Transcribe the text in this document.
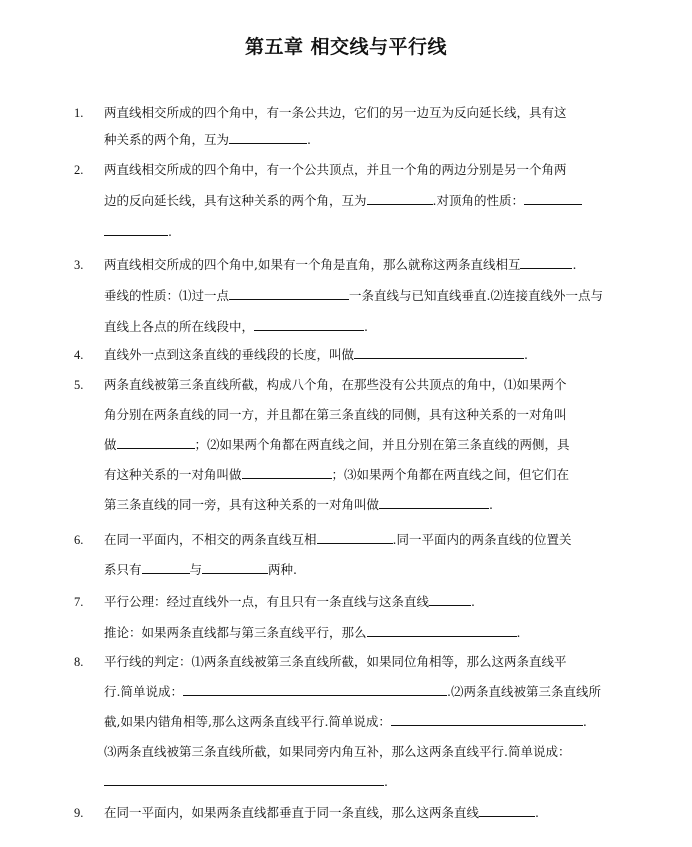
第五章 相交线与平行线
1.	两直线相交所成的四个角中，有一条公共边，它们的另一边互为反向延长线，具有这
种关系的两个角，互为	.
2.	两直线相交所成的四个角中，有一个公共顶点，并且一个角的两边分别是另一个角两
边的反向延长线，具有这种关系的两个角，互为	.对顶角的性质：
.
3.	两直线相交所成的四个角中,如果有一个角是直角，那么就称这两条直线相互	.
垂线的性质：⑴过一点	一条直线与已知直线垂直.⑵连接直线外一点与
直线上各点的所在线段中，	.
4.	直线外一点到这条直线的垂线段的长度，叫做	.
5.	两条直线被第三条直线所截，构成八个角，在那些没有公共顶点的角中，⑴如果两个
角分别在两条直线的同一方，并且都在第三条直线的同侧，具有这种关系的一对角叫
做	；⑵如果两个角都在两直线之间，并且分别在第三条直线的两侧，具
有这种关系的一对角叫做	；⑶如果两个角都在两直线之间，但它们在
第三条直线的同一旁，具有这种关系的一对角叫做	.
6.	在同一平面内，不相交的两条直线互相	.同一平面内的两条直线的位置关
系只有	与	两种.
7.	平行公理：经过直线外一点，有且只有一条直线与这条直线	.
推论：如果两条直线都与第三条直线平行，那么	.
8.	平行线的判定：⑴两条直线被第三条直线所截，如果同位角相等，那么这两条直线平
行.简单说成：	.⑵两条直线被第三条直线所
截,如果内错角相等,那么这两条直线平行.简单说成：	.
⑶两条直线被第三条直线所截，如果同旁内角互补，那么这两条直线平行.简单说成：
.
9.	在同一平面内，如果两条直线都垂直于同一条直线，那么这两条直线	.
